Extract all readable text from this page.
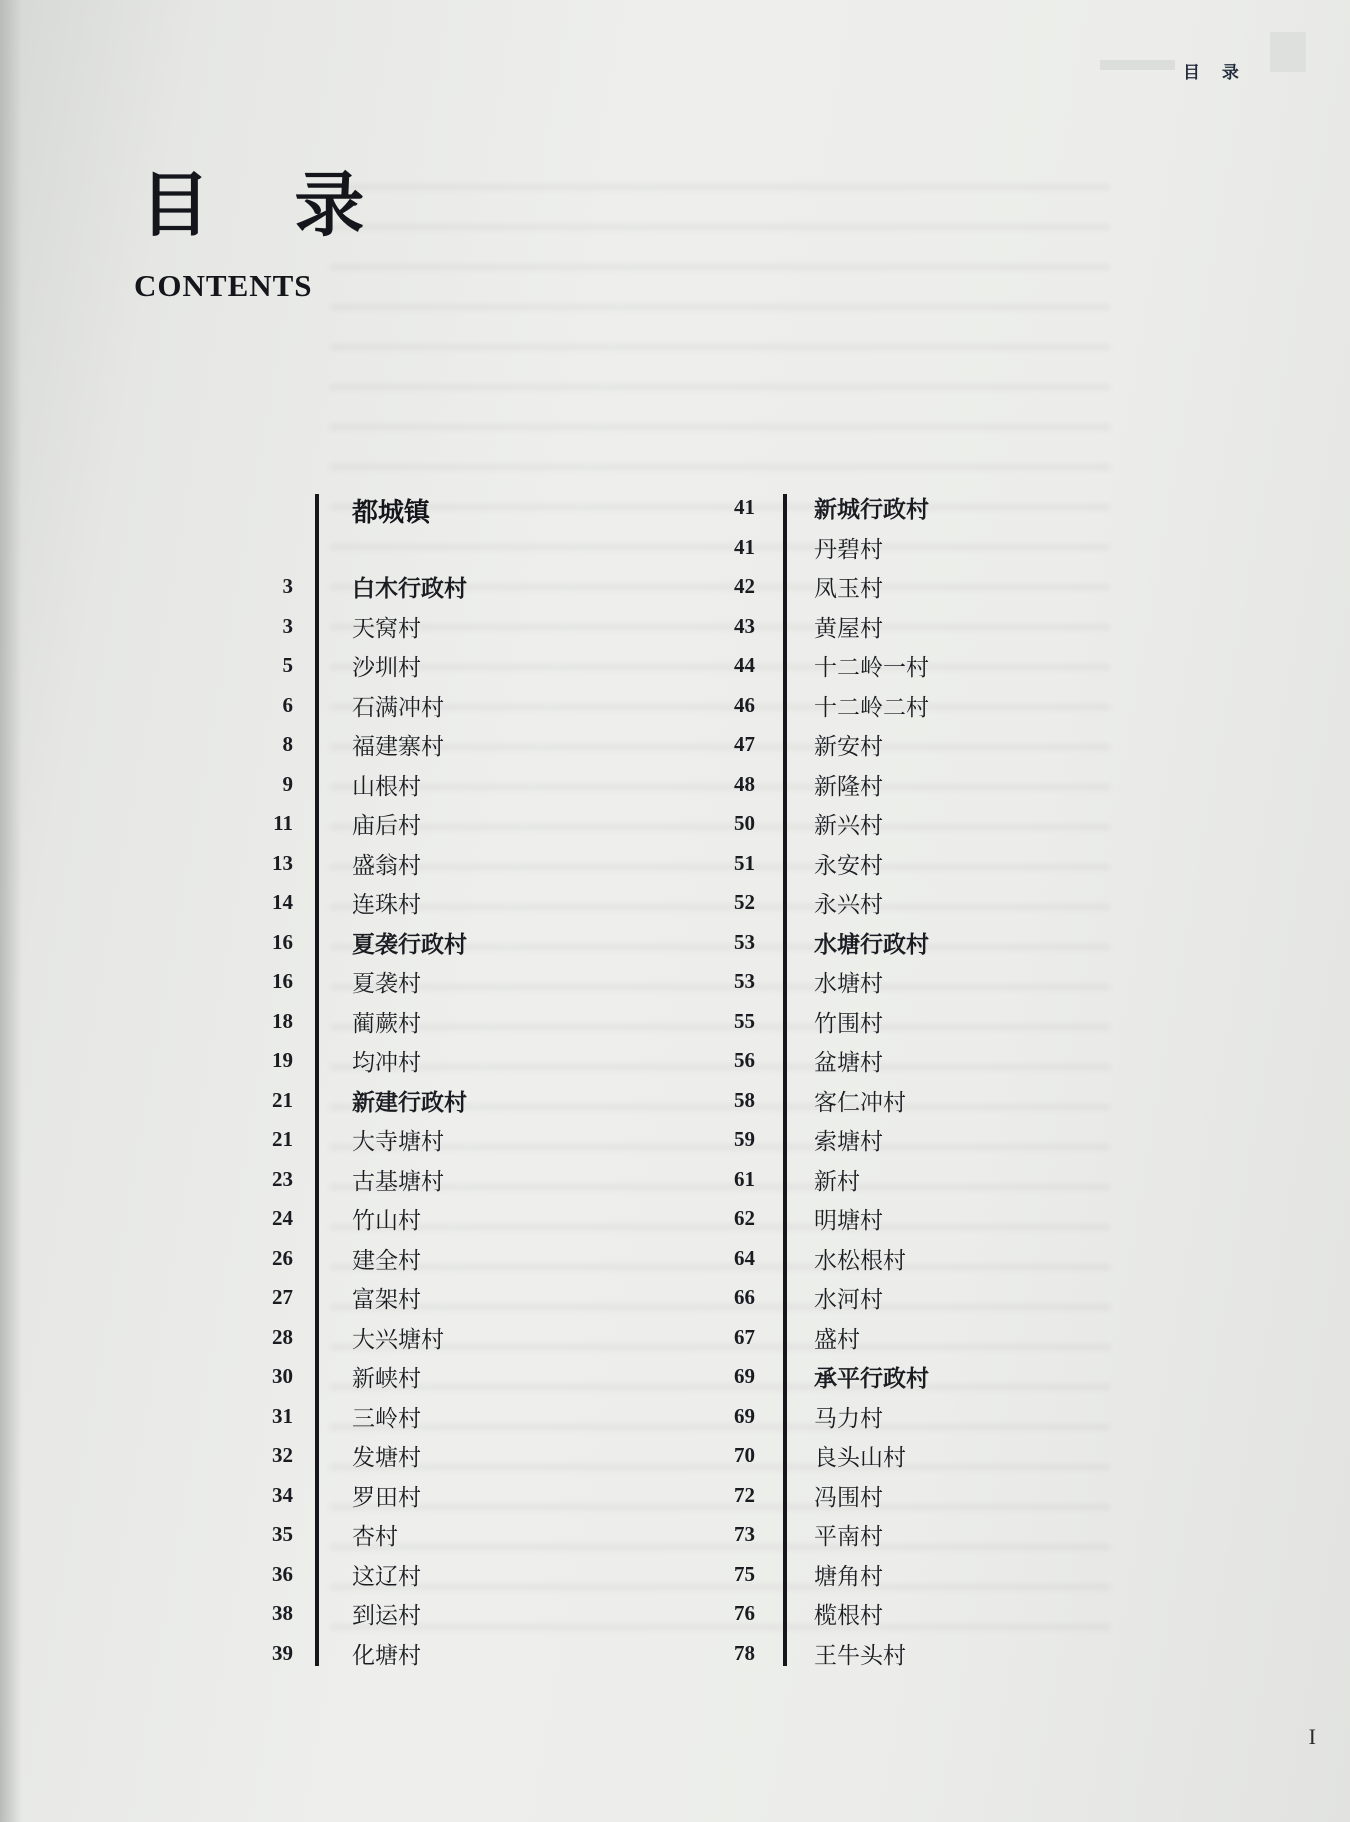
目 录
目 录
CONTENTS
都城镇
3	白木行政村
3	天窝村
5	沙圳村
6	石满冲村
8	福建寨村
9	山根村
11	庙后村
13	盛翁村
14	连珠村
16	夏袭行政村
16	夏袭村
18	蔺蕨村
19	均冲村
21	新建行政村
21	大寺塘村
23	古基塘村
24	竹山村
26	建全村
27	富架村
28	大兴塘村
30	新峡村
31	三岭村
32	发塘村
34	罗田村
35	杏村
36	这辽村
38	到运村
39	化塘村
41	新城行政村
41	丹碧村
42	凤玉村
43	黄屋村
44	十二岭一村
46	十二岭二村
47	新安村
48	新隆村
50	新兴村
51	永安村
52	永兴村
53	水塘行政村
53	水塘村
55	竹围村
56	盆塘村
58	客仁冲村
59	索塘村
61	新村
62	明塘村
64	水松根村
66	水河村
67	盛村
69	承平行政村
69	马力村
70	良头山村
72	冯围村
73	平南村
75	塘角村
76	榄根村
78	王牛头村
I
